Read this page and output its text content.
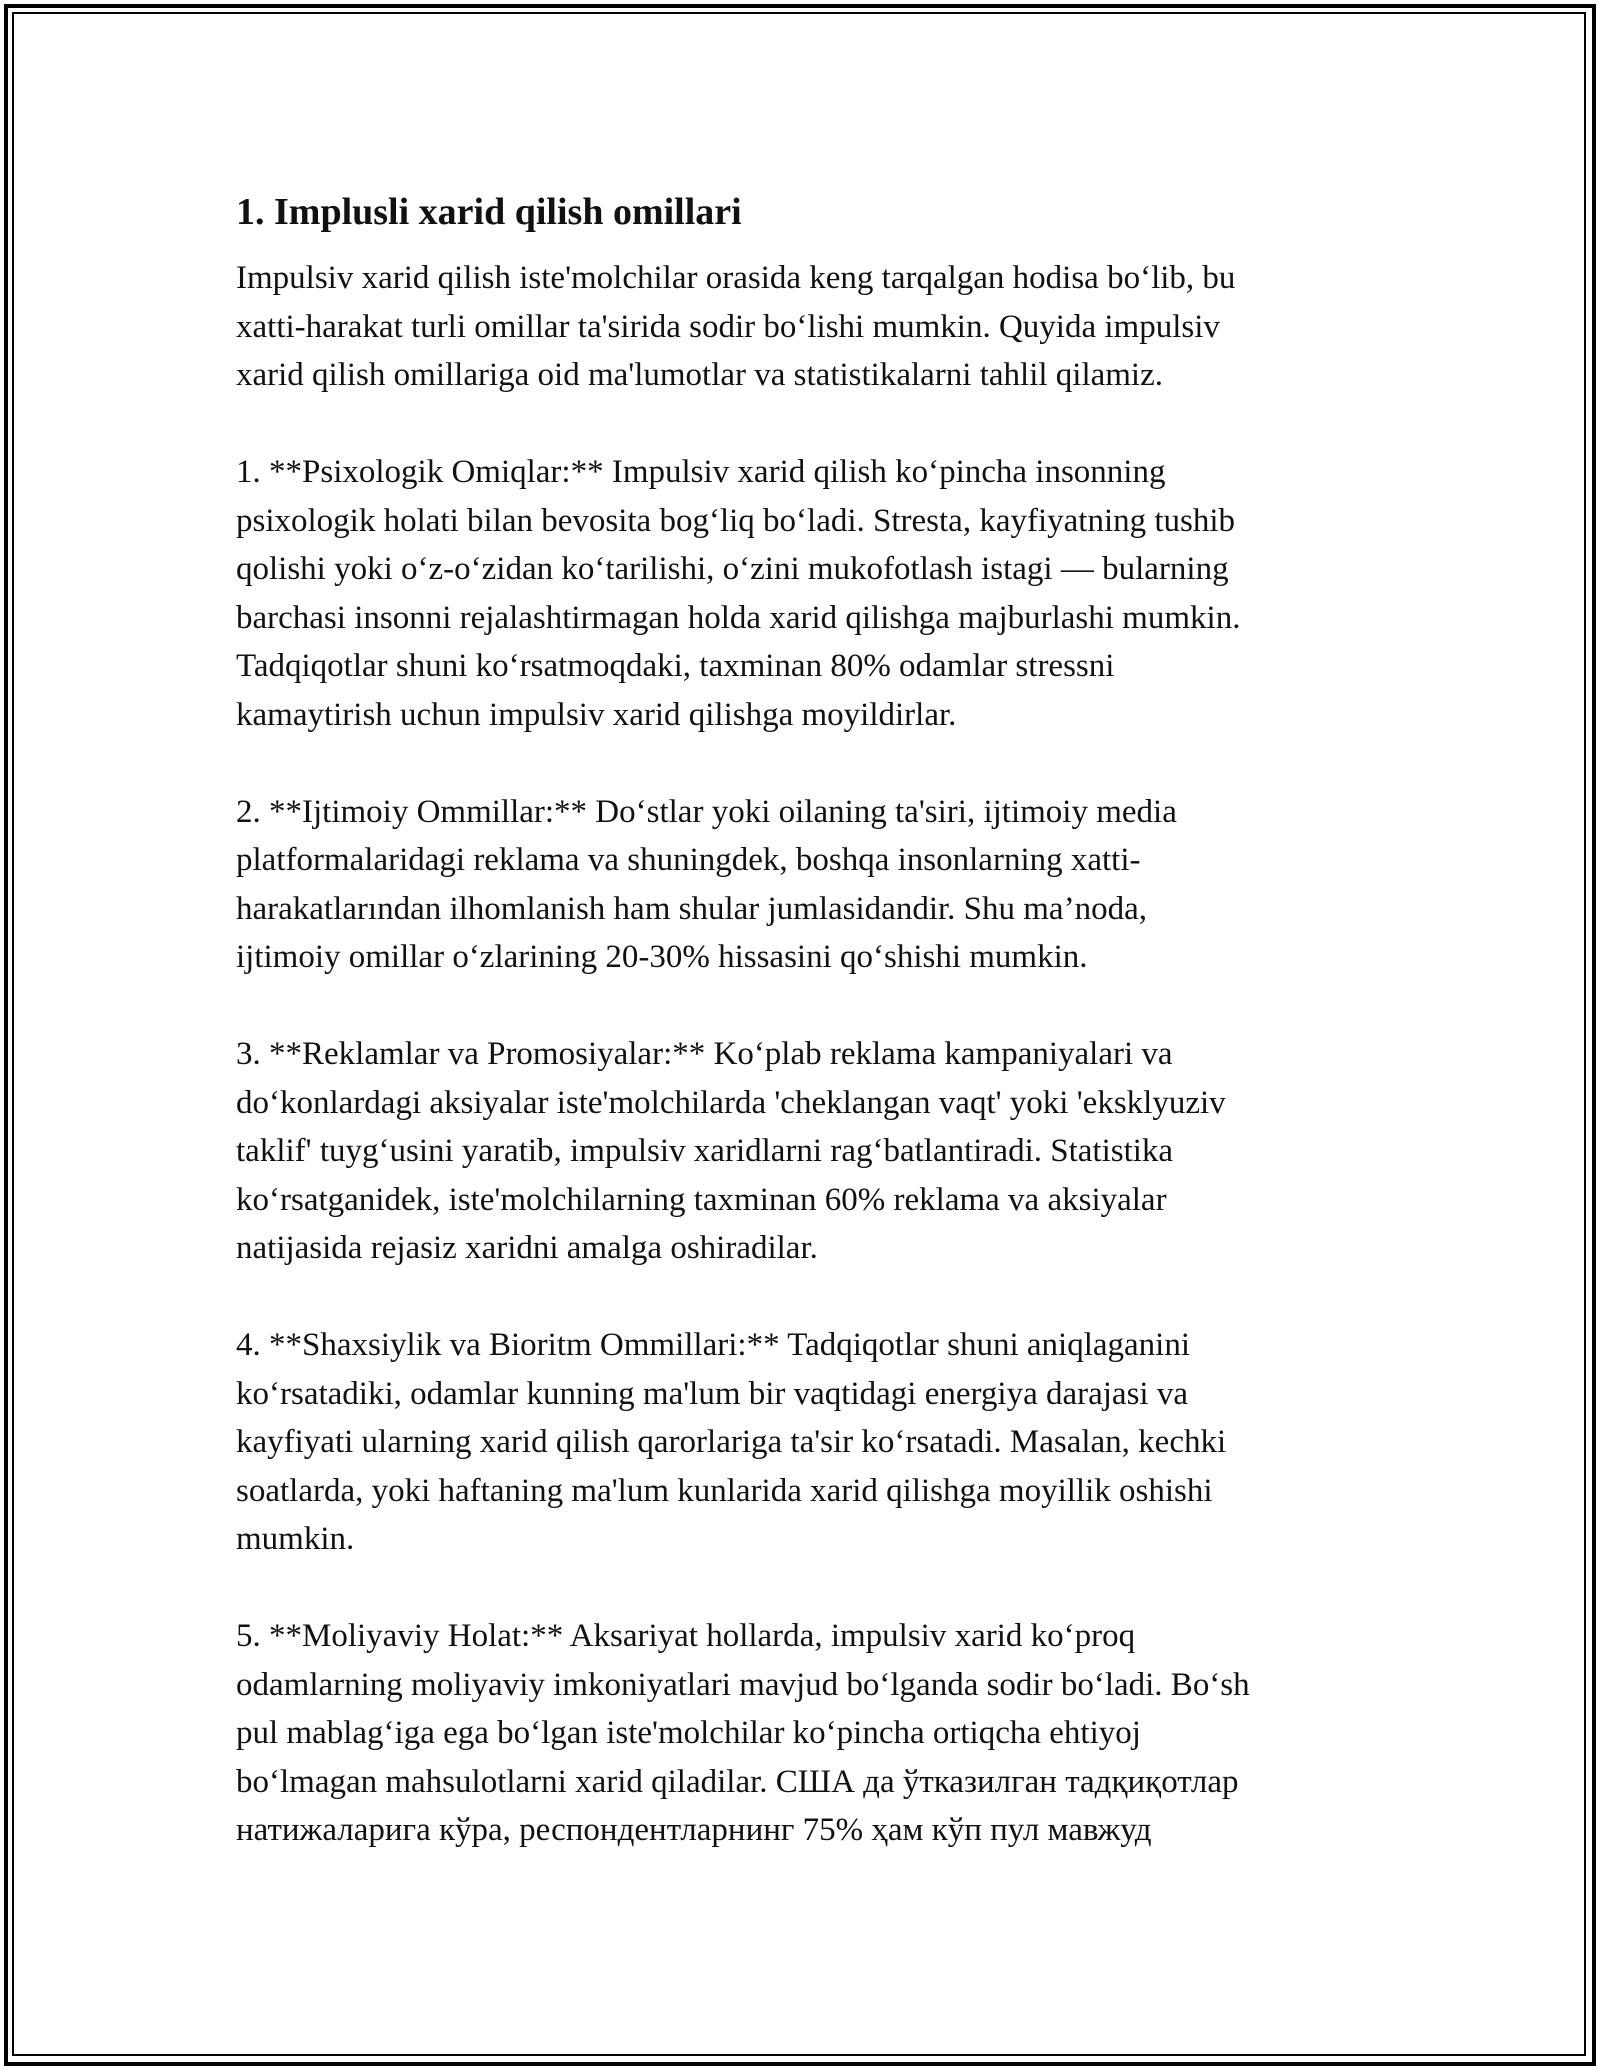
1. Implusli xarid qilish omillari

Impulsiv xarid qilish iste'molchilar orasida keng tarqalgan hodisa boʻlib, bu
xatti-harakat turli omillar ta'sirida sodir boʻlishi mumkin. Quyida impulsiv
xarid qilish omillariga oid ma'lumotlar va statistikalarni tahlil qilamiz.

1. **Psixologik Omiqlar:** Impulsiv xarid qilish koʻpincha insonning
psixologik holati bilan bevosita bogʻliq boʻladi. Stresta, kayfiyatning tushib
qolishi yoki oʻz-oʻzidan koʻtarilishi, oʻzini mukofotlash istagi — bularning
barchasi insonni rejalashtirmagan holda xarid qilishga majburlashi mumkin.
Tadqiqotlar shuni koʻrsatmoqdaki, taxminan 80% odamlar stressni
kamaytirish uchun impulsiv xarid qilishga moyildirlar.

2. **Ijtimoiy Ommillar:** Doʻstlar yoki oilaning ta'siri, ijtimoiy media
platformalaridagi reklama va shuningdek, boshqa insonlarning xatti-
harakatlarından ilhomlanish ham shular jumlasidandir. Shu ma’noda,
ijtimoiy omillar oʻzlarining 20-30% hissasini qoʻshishi mumkin.

3. **Reklamlar va Promosiyalar:** Koʻplab reklama kampaniyalari va
doʻkonlardagi aksiyalar iste'molchilarda 'cheklangan vaqt' yoki 'eksklyuziv
taklif' tuygʻusini yaratib, impulsiv xaridlarni ragʻbatlantiradi. Statistika
koʻrsatganidek, iste'molchilarning taxminan 60% reklama va aksiyalar
natijasida rejasiz xaridni amalga oshiradilar.

4. **Shaxsiylik va Bioritm Ommillari:** Tadqiqotlar shuni aniqlaganini
koʻrsatadiki, odamlar kunning ma'lum bir vaqtidagi energiya darajasi va
kayfiyati ularning xarid qilish qarorlariga ta'sir koʻrsatadi. Masalan, kechki
soatlarda, yoki haftaning ma'lum kunlarida xarid qilishga moyillik oshishi
mumkin.

5. **Moliyaviy Holat:** Aksariyat hollarda, impulsiv xarid koʻproq
odamlarning moliyaviy imkoniyatlari mavjud boʻlganda sodir boʻladi. Boʻsh
pul mablagʻiga ega boʻlgan iste'molchilar koʻpincha ortiqcha ehtiyoj
boʻlmagan mahsulotlarni xarid qiladilar. США да ўтказилган тадқиқотлар
натижаларига кўра, респондентларнинг 75% ҳам кўп пул мавжуд
